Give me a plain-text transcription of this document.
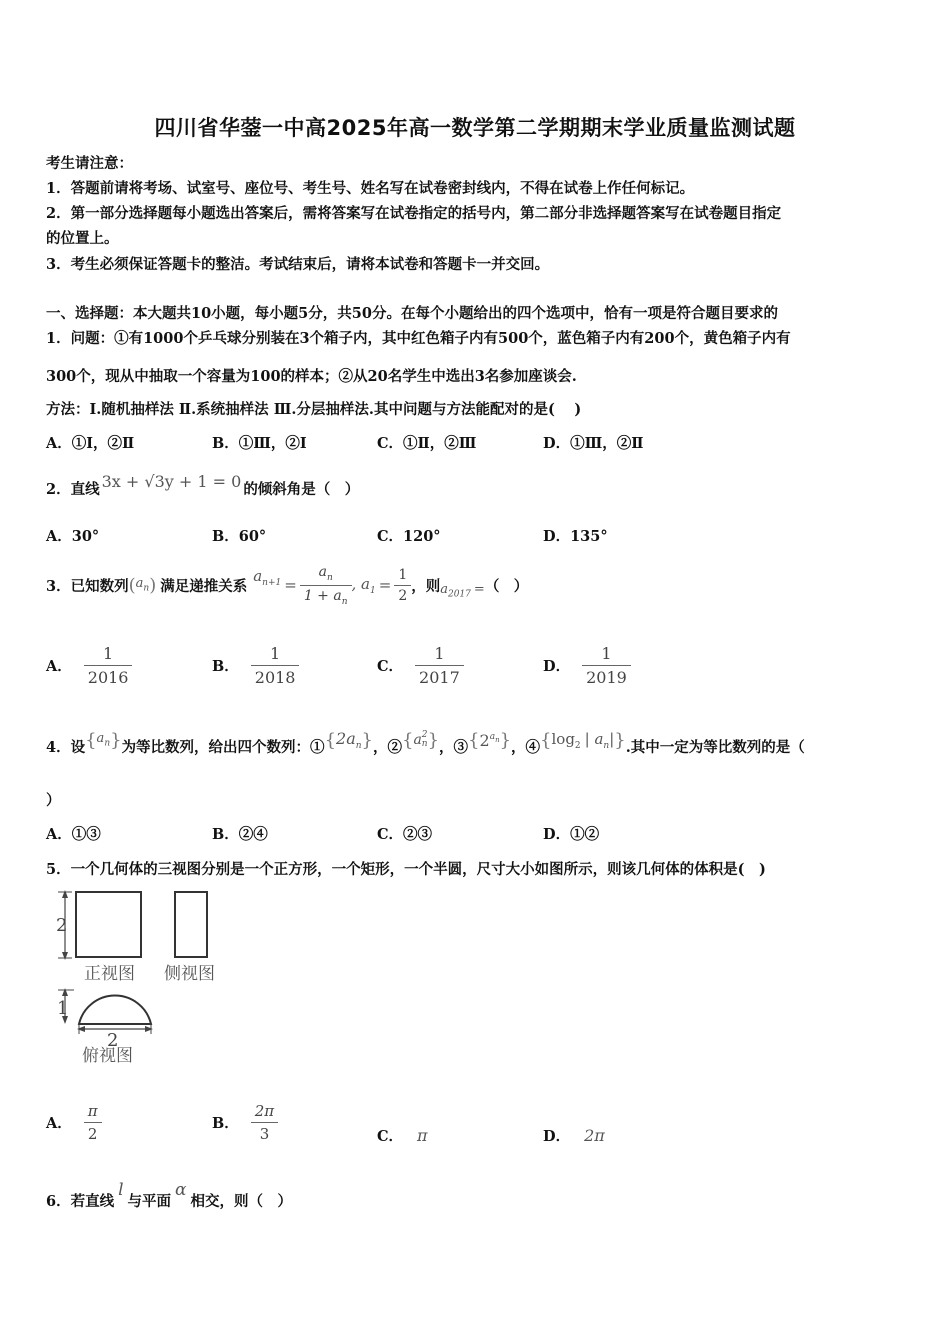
四川省华蓥一中高2025年高一数学第二学期期末学业质量监测试题
考生请注意：
1．答题前请将考场、试室号、座位号、考生号、姓名写在试卷密封线内，不得在试卷上作任何标记。
2．第一部分选择题每小题选出答案后，需将答案写在试卷指定的括号内，第二部分非选择题答案写在试卷题目指定
的位置上。
3．考生必须保证答题卡的整洁。考试结束后，请将本试卷和答题卡一并交回。
一、选择题：本大题共10小题，每小题5分，共50分。在每个小题给出的四个选项中，恰有一项是符合题目要求的
1．问题：①有1000个乒乓球分别装在3个箱子内，其中红色箱子内有500个，蓝色箱子内有200个，黄色箱子内有
300个，现从中抽取一个容量为100的样本；②从20名学生中选出3名参加座谈会.
方法：Ⅰ.随机抽样法 Ⅱ.系统抽样法 Ⅲ.分层抽样法.其中问题与方法能配对的是(　 )
A．①Ⅰ，②Ⅱ	B．①Ⅲ，②Ⅰ	C．①Ⅱ，②Ⅲ	D．①Ⅲ，②Ⅱ
2．直线 3x + √3y + 1 = 0 的倾斜角是（　）
A．30°	B．60°	C．120°	D．135°
3．已知数列 ( $a_n$ ) 满足递推关系
$a_{n+1} = \frac{a_n}{1 + a_n}$ , $a_1 = \frac{1}{2}$ ，则 $a_{2017}$ = （　）
A． $\frac{1}{2016}$	B． $\frac{1}{2018}$	C． $\frac{1}{2017}$	D． $\frac{1}{2019}$
4．设 { $a_n$ } 为等比数列，给出四个数列：① { $2a_n$ } ，② { a 2
n } ，③ { $2^{a_n}$ } ，④ { $\log_2$ | $a_n|$ } .其中一定为等比数列的是（
）
A．①③	B．②④	C．②③	D．①②
5．一个几何体的三视图分别是一个正方形，一个矩形，一个半圆，尺寸大小如图所示，则该几何体的体积是(　)
2
正视图 侧视图
1
2
俯视图
A． $\frac{\pi}{2}$	B． $\frac{2\pi}{3}$	C． π	D． 2π
6．若直线
l
与平面
α
相交，则（　）
